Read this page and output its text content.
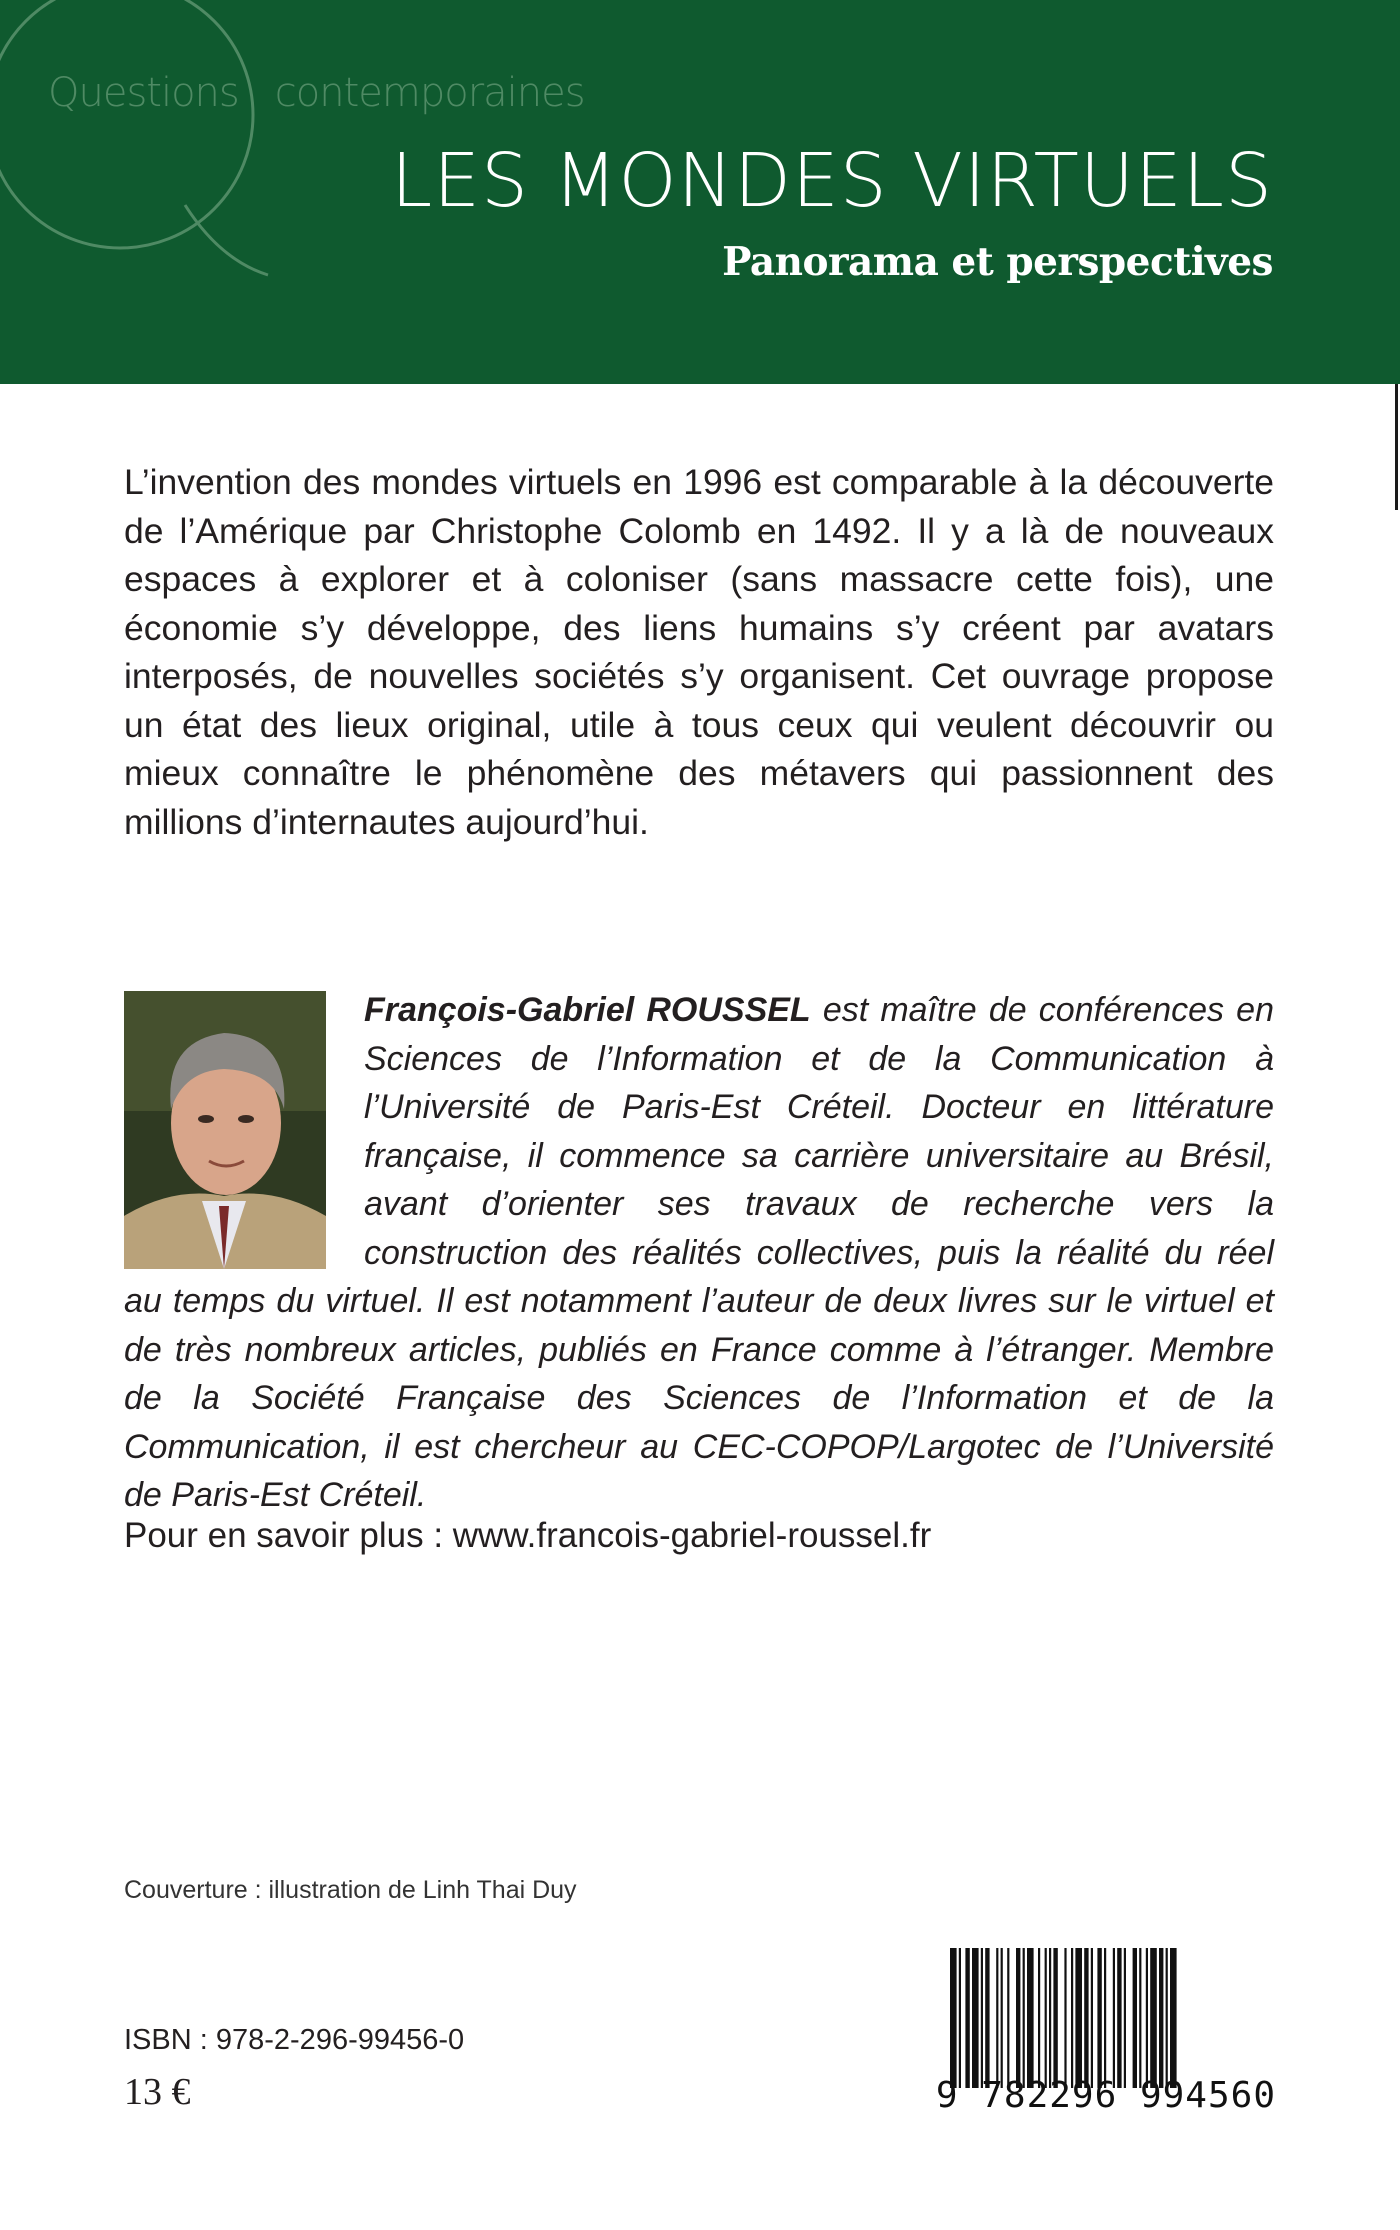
Questions contemporaines
LES MONDES VIRTUELS
Panorama et perspectives
L’invention des mondes virtuels en 1996 est comparable à la découverte de l’Amérique par Christophe Colomb en 1492. Il y a là de nouveaux espaces à explorer et à coloniser (sans massacre cette fois), une économie s’y développe, des liens humains s’y créent par avatars interposés, de nouvelles sociétés s’y organisent. Cet ouvrage propose un état des lieux original, utile à tous ceux qui veulent découvrir ou mieux connaître le phénomène des métavers qui passionnent des millions d’internautes aujourd’hui.
François-Gabriel ROUSSEL est maître de conférences en Sciences de l’Information et de la Communication à l’Université de Paris-Est Créteil. Docteur en littérature française, il commence sa carrière universitaire au Brésil, avant d’orienter ses travaux de recherche vers la construction des réalités collectives, puis la réalité du réel au temps du virtuel. Il est notamment l’auteur de deux livres sur le virtuel et de très nombreux articles, publiés en France comme à l’étranger. Membre de la Société Française des Sciences de l’Information et de la Communication, il est chercheur au CEC-COPOP/Largotec de l’Université de Paris-Est Créteil.
Pour en savoir plus : www.francois-gabriel-roussel.fr
Couverture : illustration de Linh Thai Duy
ISBN : 978-2-296-99456-0
13 €	9 782296 994560
